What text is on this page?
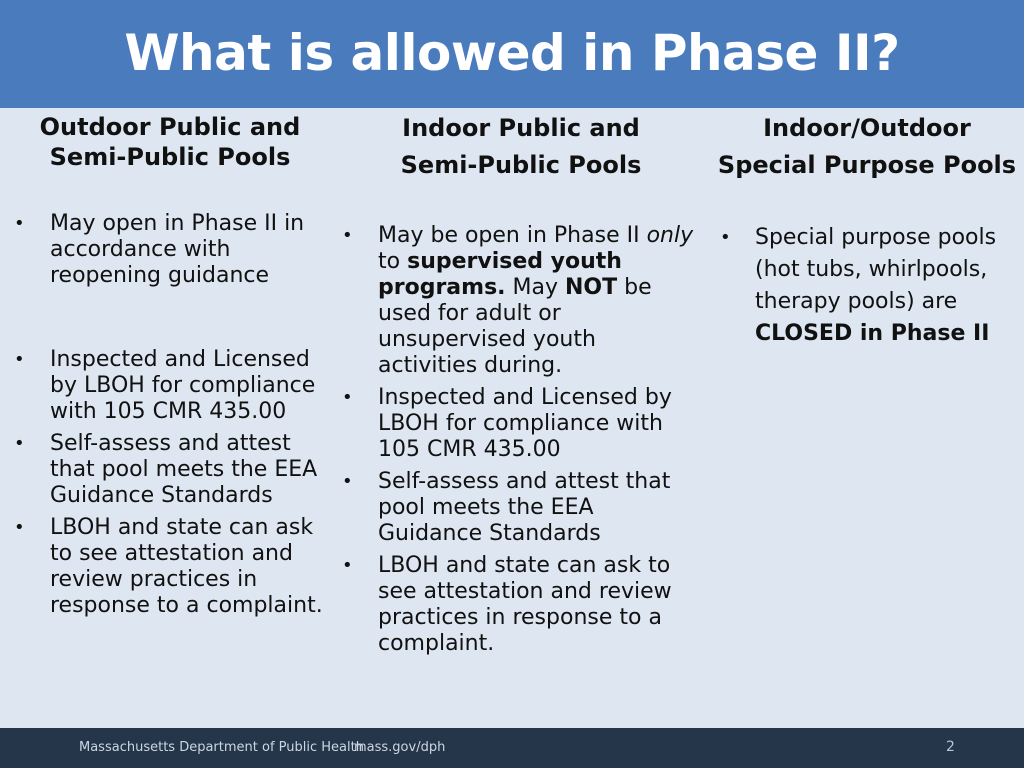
What is allowed in Phase II?
Outdoor Public and
Semi-Public Pools
Indoor Public and
Semi-Public Pools
Indoor/Outdoor
Special Purpose Pools
• May open in Phase II in accordance with reopening guidance
• Inspected and Licensed by LBOH for compliance with 105 CMR 435.00
• Self-assess and attest that pool meets the EEA Guidance Standards
• LBOH and state can ask to see attestation and review practices in response to a complaint.
• May be open in Phase II only to supervised youth programs. May NOT be used for adult or unsupervised youth activities during.
• Inspected and Licensed by LBOH for compliance with 105 CMR 435.00
• Self-assess and attest that pool meets the EEA Guidance Standards
• LBOH and state can ask to see attestation and review practices in response to a complaint.
• Special purpose pools (hot tubs, whirlpools, therapy pools) are CLOSED in Phase II
Massachusetts Department of Public Health
mass.gov/dph	2
